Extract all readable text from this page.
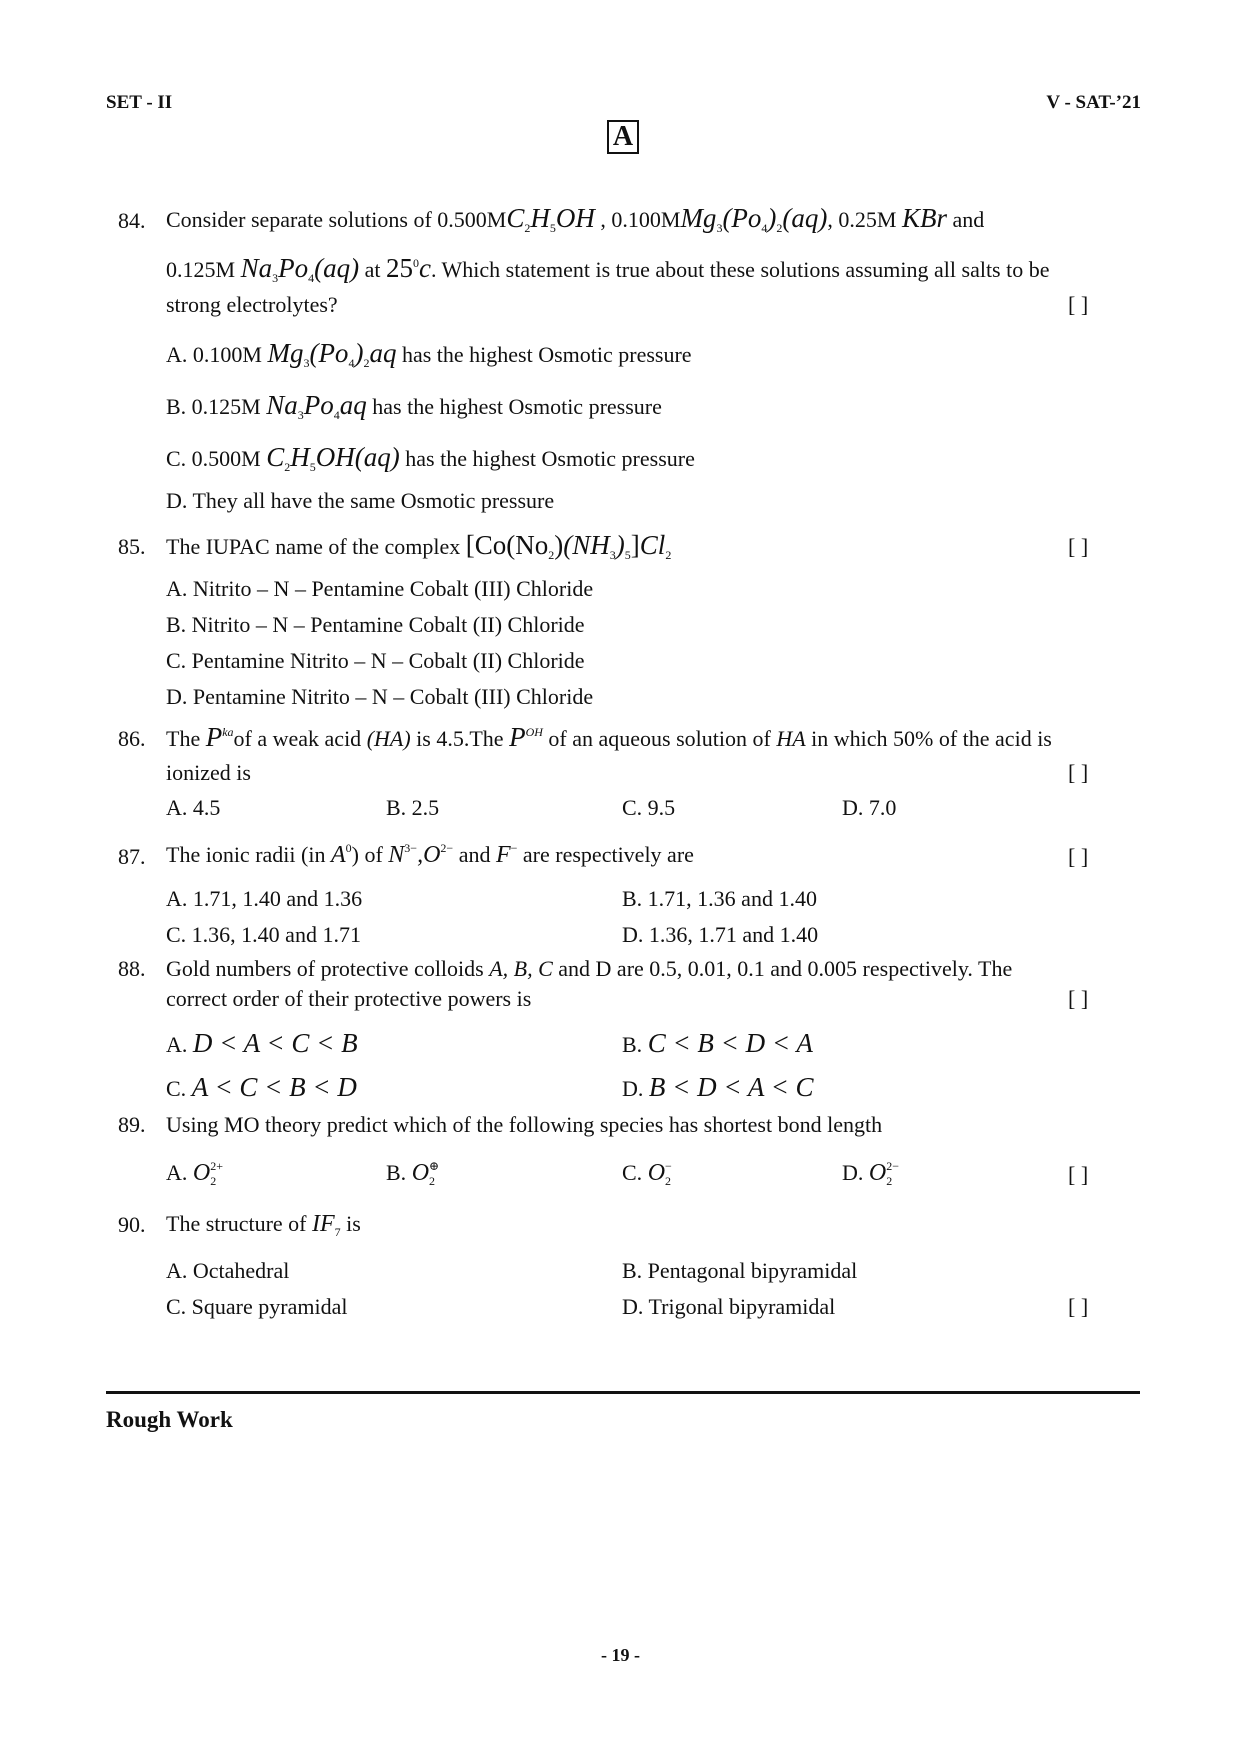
SET - II	V - SAT-’21
A
84. Consider separate solutions of $0.500MC_2H_5OH$ , $0.100MMg_3(Po_4)_2(aq)$, 0.25M KBr and
0.125M $Na_3Po_4(aq)$ at $25^0c$. Which statement is true about these solutions assuming all salts to be
strong electrolytes?	[ ]
A. 0.100M $Mg_3(Po_4)_2aq$ has the highest Osmotic pressure
B. 0.125M $Na_3Po_4aq$ has the highest Osmotic pressure
C. 0.500M $C_2H_5OH(aq)$ has the highest Osmotic pressure
D. They all have the same Osmotic pressure
85. The IUPAC name of the complex $[Co(No_2)(NH_3)_5]Cl_2$	[ ]
A. Nitrito – N – Pentamine Cobalt (III) Chloride
B. Nitrito – N – Pentamine Cobalt (II) Chloride
C. Pentamine Nitrito – N – Cobalt (II) Chloride
D. Pentamine Nitrito – N – Cobalt (III) Chloride
86. The $P^{ka}of$ a weak acid (HA) is 4.5.The $P^{OH}$ of an aqueous solution of HA in which 50% of the acid is
ionized is	[ ]
A. 4.5	B. 2.5	C. 9.5	D. 7.0
87. The ionic radii (in $A^0$) of $N^{3-},O^{2-}$ and F− are respectively are	[ ]
A. 1.71, 1.40 and 1.36	B. 1.71, 1.36 and 1.40
C. 1.36, 1.40 and 1.71	D. 1.36, 1.71 and 1.40
88. Gold numbers of protective colloids A, B, C and D are 0.5, 0.01, 0.1 and 0.005 respectively. The
correct order of their protective powers is	[ ]
A. D < A < C < B	B. C < B < D < A
C. A < C < B < D	D. B < D < A < C
89. Using MO theory predict which of the following species has shortest bond length
A. $O_2^{2+}$	B. $O_2^\oplus$	C. $O_2^-$	D. $O_2^{2-}$	[ ]
90. The structure of $IF_7$ is
A. Octahedral	B. Pentagonal bipyramidal
C. Square pyramidal	D. Trigonal bipyramidal	[ ]
Rough Work
- 19 -
